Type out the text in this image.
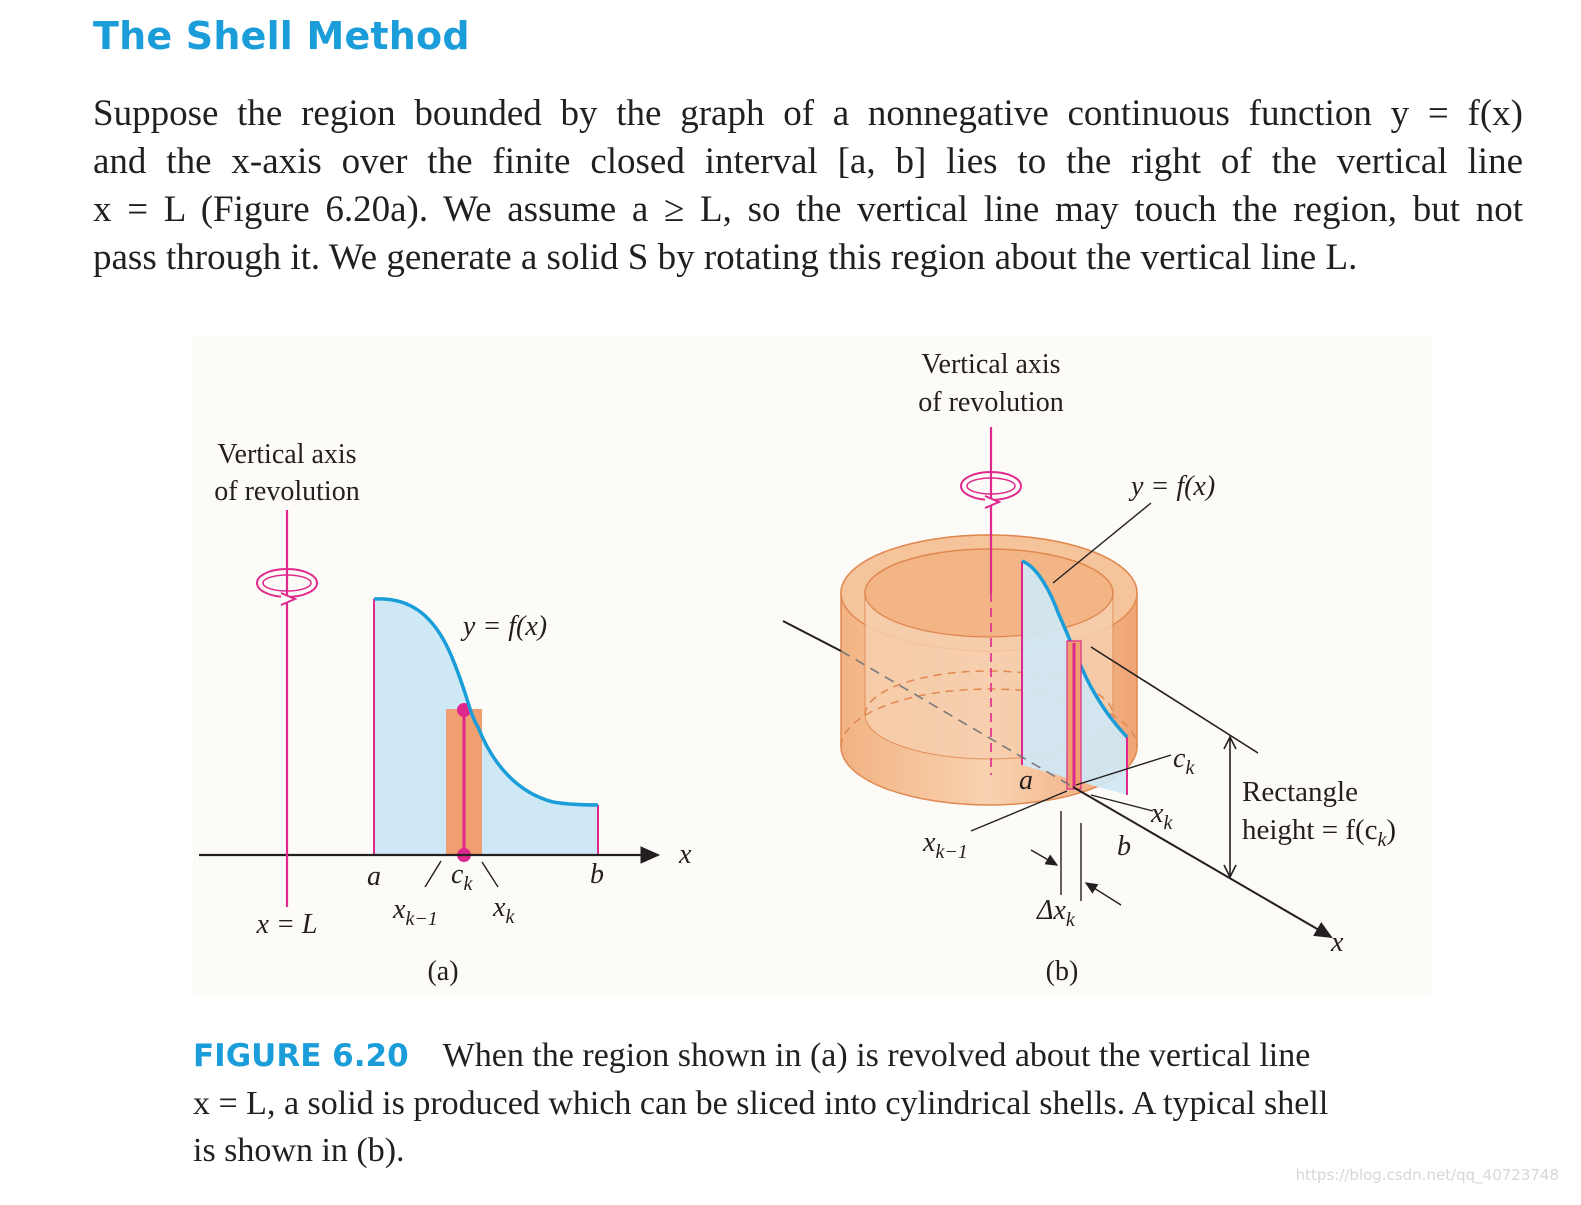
The Shell Method
Suppose the region bounded by the graph of a nonnegative continuous function y = f(x)
and the x-axis over the finite closed interval [a, b] lies to the right of the vertical line
x = L (Figure 6.20a). We assume a ≥ L, so the vertical line may touch the region, but not
pass through it. We generate a solid S by rotating this region about the vertical line L.
Vertical axis
of revolution
y = f(x)
x
a	b
$c_k$
$x_{k-1}$ $x_k$
x = L
(a)
Vertical axis
of revolution
x
y = f(x)
$c_k$
$x_k$
$x_{k-1}$
a
b
$\Delta x_k$
Rectangle
height = $f(c_k)$
(b)
FIGURE 6.20 When the region shown in (a) is revolved about the vertical line
x = L, a solid is produced which can be sliced into cylindrical shells. A typical shell
is shown in (b).
https://blog.csdn.net/qq_40723748
